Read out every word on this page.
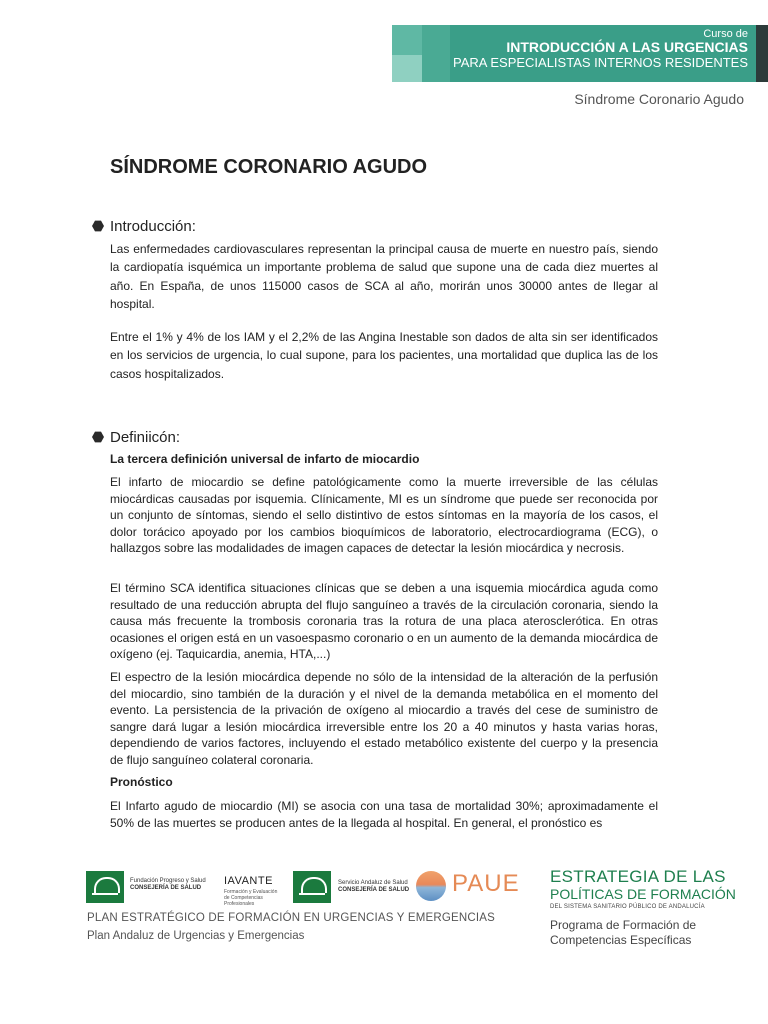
Curso de
INTRODUCCIÓN A LAS URGENCIAS
PARA ESPECIALISTAS INTERNOS RESIDENTES
Síndrome Coronario Agudo
SÍNDROME CORONARIO AGUDO
Introducción:

Las enfermedades cardiovasculares representan la principal causa de muerte en nuestro país, siendo la cardiopatía isquémica un importante problema de salud que supone una de cada diez muertes al año. En España, de unos 115000 casos de SCA al año, morirán unos 30000 antes de llegar al hospital.

Entre el 1% y 4% de los IAM y el 2,2% de las Angina Inestable son dados de alta sin ser identificados en los servicios de urgencia, lo cual supone, para los pacientes, una mortalidad que duplica las de los casos hospitalizados.

Definiicón:

La tercera definición universal de infarto de miocardio

El infarto de miocardio se define patológicamente como la muerte irreversible de las células miocárdicas causadas por isquemia. Clínicamente, MI es un síndrome que puede ser reconocida por un conjunto de síntomas, siendo el sello distintivo de estos síntomas en la mayoría de los casos, el dolor torácico apoyado por los cambios bioquímicos de laboratorio, electrocardiograma (ECG), o hallazgos sobre las modalidades de imagen capaces de detectar la lesión miocárdica y necrosis.

El término SCA identifica situaciones clínicas que se deben a una isquemia miocárdica aguda como resultado de una reducción abrupta del flujo sanguíneo a través de la circulación coronaria, siendo la causa más frecuente la trombosis coronaria tras la rotura de una placa aterosclerótica. En otras ocasiones el origen está en un vasoespasmo coronario o en un aumento de la demanda miocárdica de oxígeno (ej. Taquicardia, anemia, HTA,...)

El espectro de la lesión miocárdica depende no sólo de la intensidad de la alteración de la perfusión del miocardio, sino también de la duración y el nivel de la demanda metabólica en el momento del evento. La persistencia de la privación de oxígeno al miocardio a través del cese de suministro de sangre dará lugar a lesión miocárdica irreversible entre los 20 a 40 minutos y hasta varias horas, dependiendo de varios factores, incluyendo el estado metabólico existente del cuerpo y la presencia de flujo sanguíneo colateral coronaria.

Pronóstico

El Infarto agudo de miocardio (MI) se asocia con una tasa de mortalidad 30%; aproximadamente el 50% de las muertes se producen antes de la llegada al hospital. En general, el pronóstico es

Fundación Progreso y Salud
CONSEJERÍA DE SALUD
IAVANTE
Formación y Evaluación de Competencias Profesionales
Servicio Andaluz de Salud
CONSEJERÍA DE SALUD PAUE
PLAN ESTRATÉGICO DE FORMACIÓN EN URGENCIAS Y EMERGENCIAS
Plan Andaluz de Urgencias y Emergencias
ESTRATEGIA DE LAS
POLÍTICAS DE FORMACIÓN
DEL SISTEMA SANITARIO PÚBLICO DE ANDALUCÍA
Programa de Formación de
Competencias Específicas
